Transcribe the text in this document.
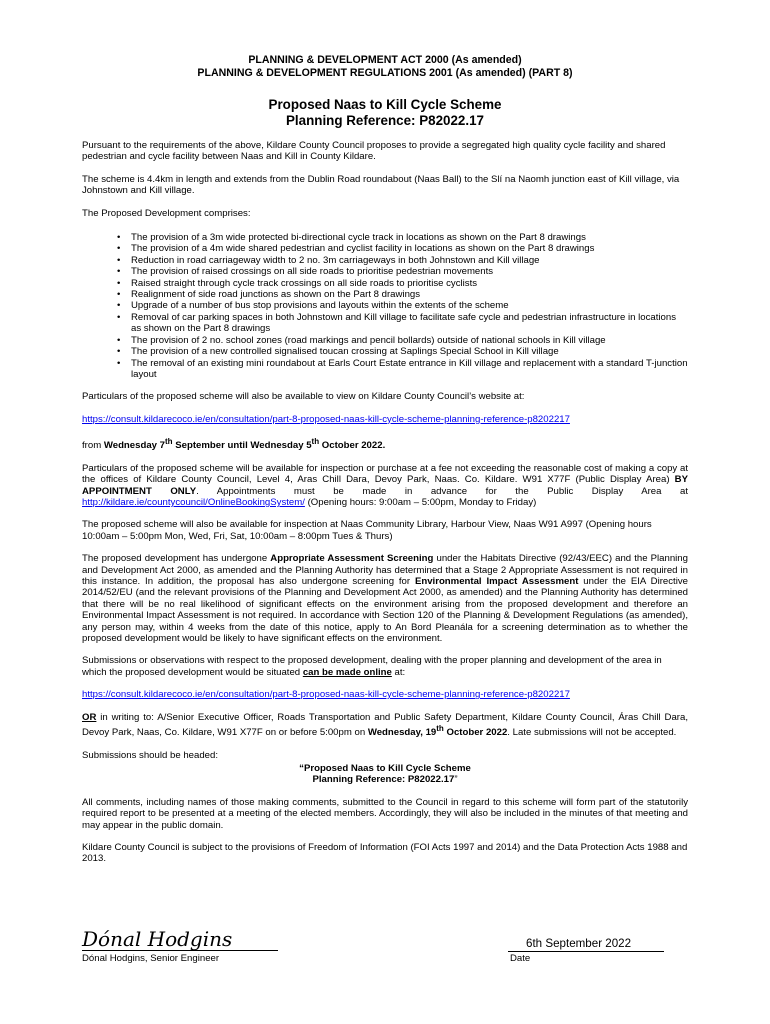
PLANNING & DEVELOPMENT ACT 2000 (As amended)
PLANNING & DEVELOPMENT REGULATIONS 2001 (As amended) (PART 8)
Proposed Naas to Kill Cycle Scheme
Planning Reference: P82022.17

Pursuant to the requirements of the above, Kildare County Council proposes to provide a segregated high quality cycle facility and shared pedestrian and cycle facility between Naas and Kill in County Kildare.

The scheme is 4.4km in length and extends from the Dublin Road roundabout (Naas Ball) to the Slí na Naomh junction east of Kill village, via Johnstown and Kill village.

The Proposed Development comprises:

• The provision of a 3m wide protected bi-directional cycle track in locations as shown on the Part 8 drawings
• The provision of a 4m wide shared pedestrian and cyclist facility in locations as shown on the Part 8 drawings
• Reduction in road carriageway width to 2 no. 3m carriageways in both Johnstown and Kill village
• The provision of raised crossings on all side roads to prioritise pedestrian movements
• Raised straight through cycle track crossings on all side roads to prioritise cyclists
• Realignment of side road junctions as shown on the Part 8 drawings
• Upgrade of a number of bus stop provisions and layouts within the extents of the scheme
• Removal of car parking spaces in both Johnstown and Kill village to facilitate safe cycle and pedestrian infrastructure in locations as shown on the Part 8 drawings
• The provision of 2 no. school zones (road markings and pencil bollards) outside of national schools in Kill village
• The provision of a new controlled signalised toucan crossing at Saplings Special School in Kill village
• The removal of an existing mini roundabout at Earls Court Estate entrance in Kill village and replacement with a standard T-junction layout

Particulars of the proposed scheme will also be available to view on Kildare County Council’s website at:

https://consult.kildarecoco.ie/en/consultation/part-8-proposed-naas-kill-cycle-scheme-planning-reference-p8202217

from Wednesday 7th September until Wednesday 5th October 2022.

Particulars of the proposed scheme will be available for inspection or purchase at a fee not exceeding the reasonable cost of making a copy at the offices of Kildare County Council, Level 4, Aras Chill Dara, Devoy Park, Naas. Co. Kildare. W91 X77F (Public Display Area) BY APPOINTMENT ONLY. Appointments must be made in advance for the Public Display Area at http://kildare.ie/countycouncil/OnlineBookingSystem/ (Opening hours: 9:00am – 5:00pm, Monday to Friday)

The proposed scheme will also be available for inspection at Naas Community Library, Harbour View, Naas W91 A997 (Opening hours 10:00am – 5:00pm Mon, Wed, Fri, Sat, 10:00am – 8:00pm Tues & Thurs)

The proposed development has undergone Appropriate Assessment Screening under the Habitats Directive (92/43/EEC) and the Planning and Development Act 2000, as amended and the Planning Authority has determined that a Stage 2 Appropriate Assessment is not required in this instance. In addition, the proposal has also undergone screening for Environmental Impact Assessment under the EIA Directive 2014/52/EU (and the relevant provisions of the Planning and Development Act 2000, as amended) and the Planning Authority has determined that there will be no real likelihood of significant effects on the environment arising from the proposed development and therefore an Environmental Impact Assessment is not required. In accordance with Section 120 of the Planning & Development Regulations (as amended), any person may, within 4 weeks from the date of this notice, apply to An Bord Pleanála for a screening determination as to whether the proposed development would be likely to have significant effects on the environment.

Submissions or observations with respect to the proposed development, dealing with the proper planning and development of the area in which the proposed development would be situated can be made online at:

https://consult.kildarecoco.ie/en/consultation/part-8-proposed-naas-kill-cycle-scheme-planning-reference-p8202217

OR in writing to: A/Senior Executive Officer, Roads Transportation and Public Safety Department, Kildare County Council, Áras Chill Dara, Devoy Park, Naas, Co. Kildare, W91 X77F on or before 5:00pm on Wednesday, 19th October 2022. Late submissions will not be accepted.

Submissions should be headed:

“Proposed Naas to Kill Cycle Scheme
Planning Reference: P82022.17”

All comments, including names of those making comments, submitted to the Council in regard to this scheme will form part of the statutorily required report to be presented at a meeting of the elected members. Accordingly, they will also be included in the minutes of that meeting and may appear in the public domain.

Kildare County Council is subject to the provisions of Freedom of Information (FOI Acts 1997 and 2014) and the Data Protection Acts 1988 and 2013.

Dónal Hodgins
Dónal Hodgins, Senior Engineer
6th September 2022
Date
